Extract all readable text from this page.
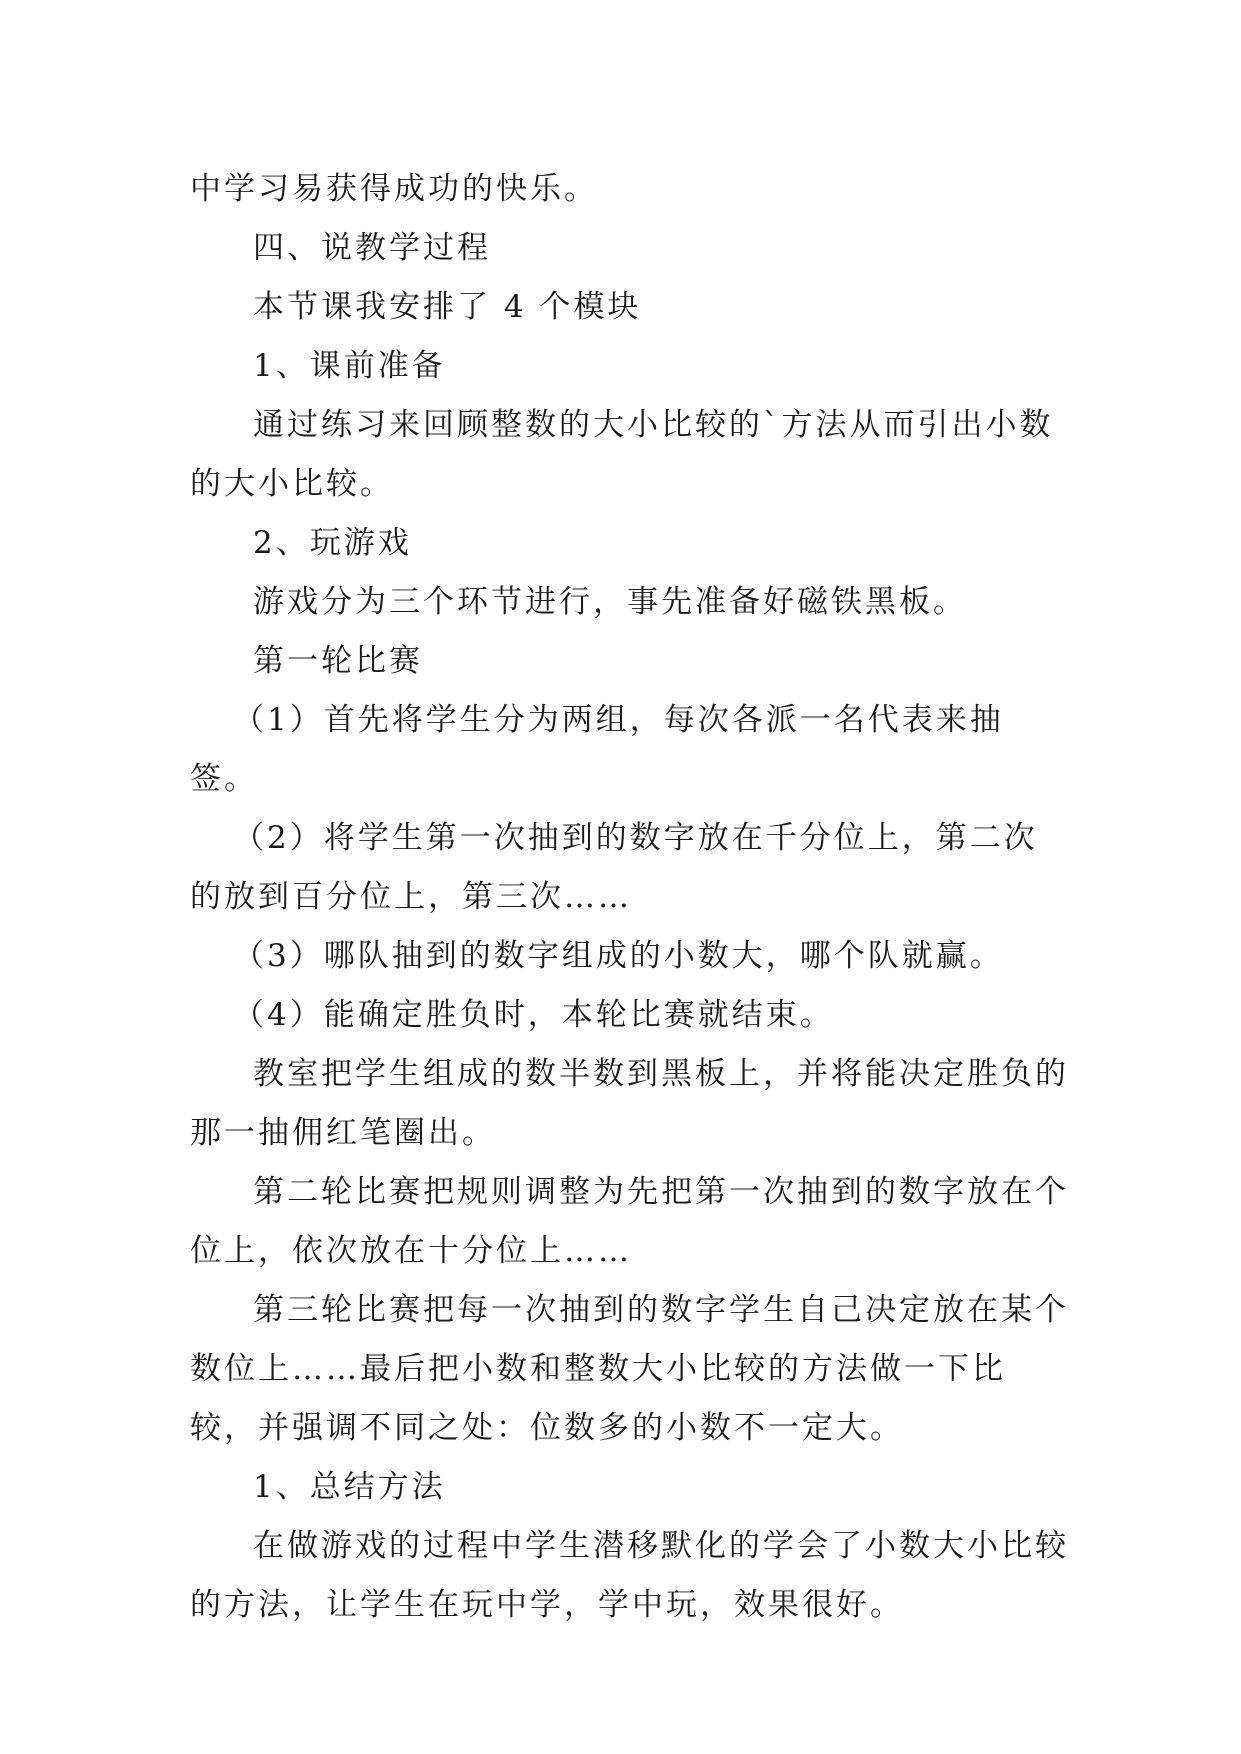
中学习易获得成功的快乐。

四、说教学过程

本节课我安排了 4 个模块

1、课前准备

通过练习来回顾整数的大小比较的`方法从而引出小数的大小比较。

2、玩游戏

游戏分为三个环节进行，事先准备好磁铁黑板。

第一轮比赛

（1）首先将学生分为两组，每次各派一名代表来抽签。

（2）将学生第一次抽到的数字放在千分位上，第二次的放到百分位上，第三次……

（3）哪队抽到的数字组成的小数大，哪个队就赢。

（4）能确定胜负时，本轮比赛就结束。

教室把学生组成的数半数到黑板上，并将能决定胜负的那一抽佣红笔圈出。

第二轮比赛把规则调整为先把第一次抽到的数字放在个位上，依次放在十分位上……

第三轮比赛把每一次抽到的数字学生自己决定放在某个数位上……最后把小数和整数大小比较的方法做一下比较，并强调不同之处：位数多的小数不一定大。

1、总结方法

在做游戏的过程中学生潜移默化的学会了小数大小比较的方法，让学生在玩中学，学中玩，效果很好。
